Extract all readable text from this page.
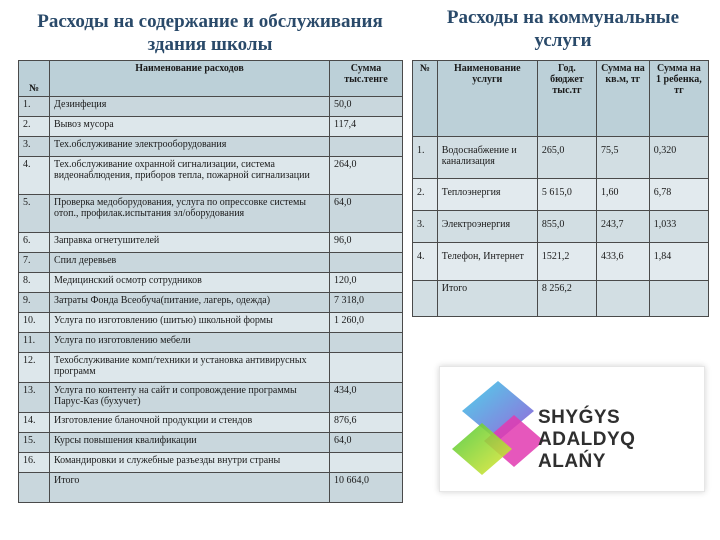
Расходы на содержание и обслуживания здания школы
Расходы на коммунальные услуги
№	Наименование расходов	Сумма тыс.тенге
1.	Дезинфеция	50,0
2.	Вывоз мусора	117,4
3.	Тех.обслуживание электрооборудования	
4.	Тех.обслуживание охранной сигнализации, система видеонаблюдения, приборов тепла, пожарной сигнализации	264,0
5.	Проверка медоборудования, услуга по опрессовке системы отоп., профилак.испытания эл/оборудования	64,0
6.	Заправка огнетушителей	96,0
7.	Спил деревьев	
8.	Медицинский осмотр сотрудников	120,0
9.	Затраты Фонда Всеобуча(питание, лагерь, одежда)	7 318,0
10.	Услуга по изготовлению (шитью) школьной формы	1 260,0
11.	Услуга по изготовлению мебели	
12.	Техобслуживание комп/техники и установка антивирусных программ	
13.	Услуга по контенту на сайт и сопровождение программы Парус-Каз (бухучет)	434,0
14.	Изготовление бланочной продукции и стендов	876,6
15.	Курсы повышения квалификации	64,0
16.	Командировки и служебные разъезды внутри страны	
	Итого	10 664,0
№	Наименование услуги	Год. бюджет тыс.тг	Сумма на кв.м, тг	Сумма на 1 ребенка, тг
1.	Водоснабжение и канализация	265,0	75,5	0,320
2.	Теплоэнергия	5 615,0	1,60	6,78
3.	Электроэнергия	855,0	243,7	1,033
4.	Телефон, Интернет	1521,2	433,6	1,84
	Итого	8 256,2		
SHYǴYS
ADALDYQ ALAŃY
